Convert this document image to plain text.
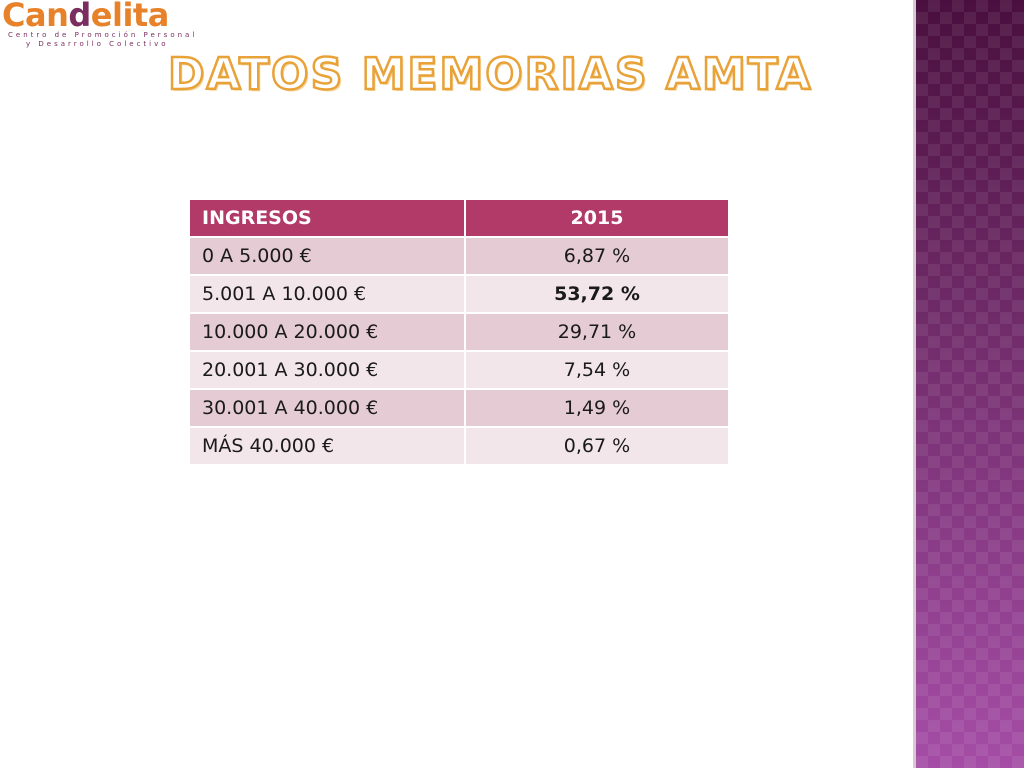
Candelita
Centro de Promoción Personal
y Desarrollo Colectivo
DATOS MEMORIAS AMTA
INGRESOS	2015
0 A 5.000 €	6,87 %
5.001 A 10.000 €	53,72 %
10.000 A 20.000 €	29,71 %
20.001 A 30.000 €	7,54 %
30.001 A 40.000 €	1,49 %
MÁS 40.000 €	0,67 %
